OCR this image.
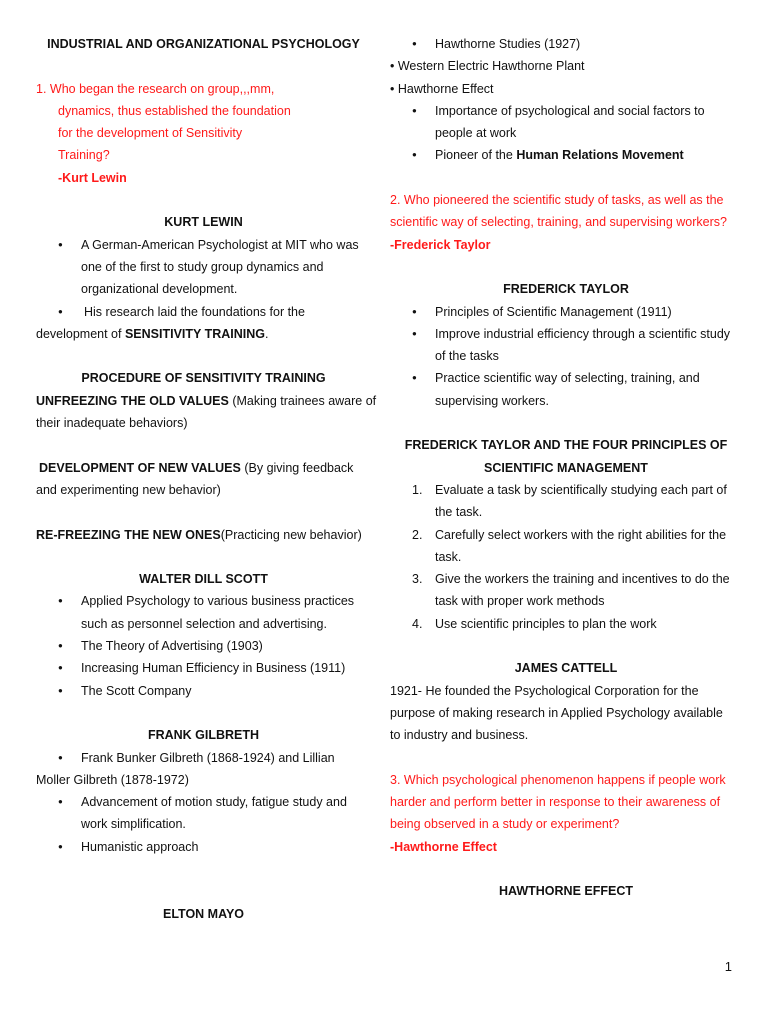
INDUSTRIAL AND ORGANIZATIONAL PSYCHOLOGY
1. Who began the research on group,,,mm,
dynamics, thus established the foundation
for the development of Sensitivity
Training?
-Kurt Lewin
KURT LEWIN
● A German-American Psychologist at MIT who was
one of the first to study group dynamics and
organizational development.
● His research laid the foundations for the
development of SENSITIVITY TRAINING.
PROCEDURE OF SENSITIVITY TRAINING
UNFREEZING THE OLD VALUES (Making trainees aware of
their inadequate behaviors)
DEVELOPMENT OF NEW VALUES (By giving feedback
and experimenting new behavior)
RE-FREEZING THE NEW ONES(Practicing new behavior)
WALTER DILL SCOTT
● Applied Psychology to various business practices
such as personnel selection and advertising.
● The Theory of Advertising (1903)
● Increasing Human Efficiency in Business (1911)
● The Scott Company
FRANK GILBRETH
● Frank Bunker Gilbreth (1868-1924) and Lillian
Moller Gilbreth (1878-1972)
● Advancement of motion study, fatigue study and
work simplification.
● Humanistic approach
ELTON MAYO
● Hawthorne Studies (1927)
• Western Electric Hawthorne Plant
• Hawthorne Effect
● Importance of psychological and social factors to
people at work
● Pioneer of the Human Relations Movement
2. Who pioneered the scientific study of tasks, as well as the
scientific way of selecting, training, and supervising workers?
-Frederick Taylor
FREDERICK TAYLOR
● Principles of Scientific Management (1911)
● Improve industrial efficiency through a scientific study
of the tasks
● Practice scientific way of selecting, training, and
supervising workers.
FREDERICK TAYLOR AND THE FOUR PRINCIPLES OF
SCIENTIFIC MANAGEMENT
1. Evaluate a task by scientifically studying each part of
the task.
2. Carefully select workers with the right abilities for the
task.
3. Give the workers the training and incentives to do the
task with proper work methods
4. Use scientific principles to plan the work
JAMES CATTELL
1921- He founded the Psychological Corporation for the
purpose of making research in Applied Psychology available
to industry and business.
3. Which psychological phenomenon happens if people work
harder and perform better in response to their awareness of
being observed in a study or experiment?
-Hawthorne Effect
HAWTHORNE EFFECT
1
